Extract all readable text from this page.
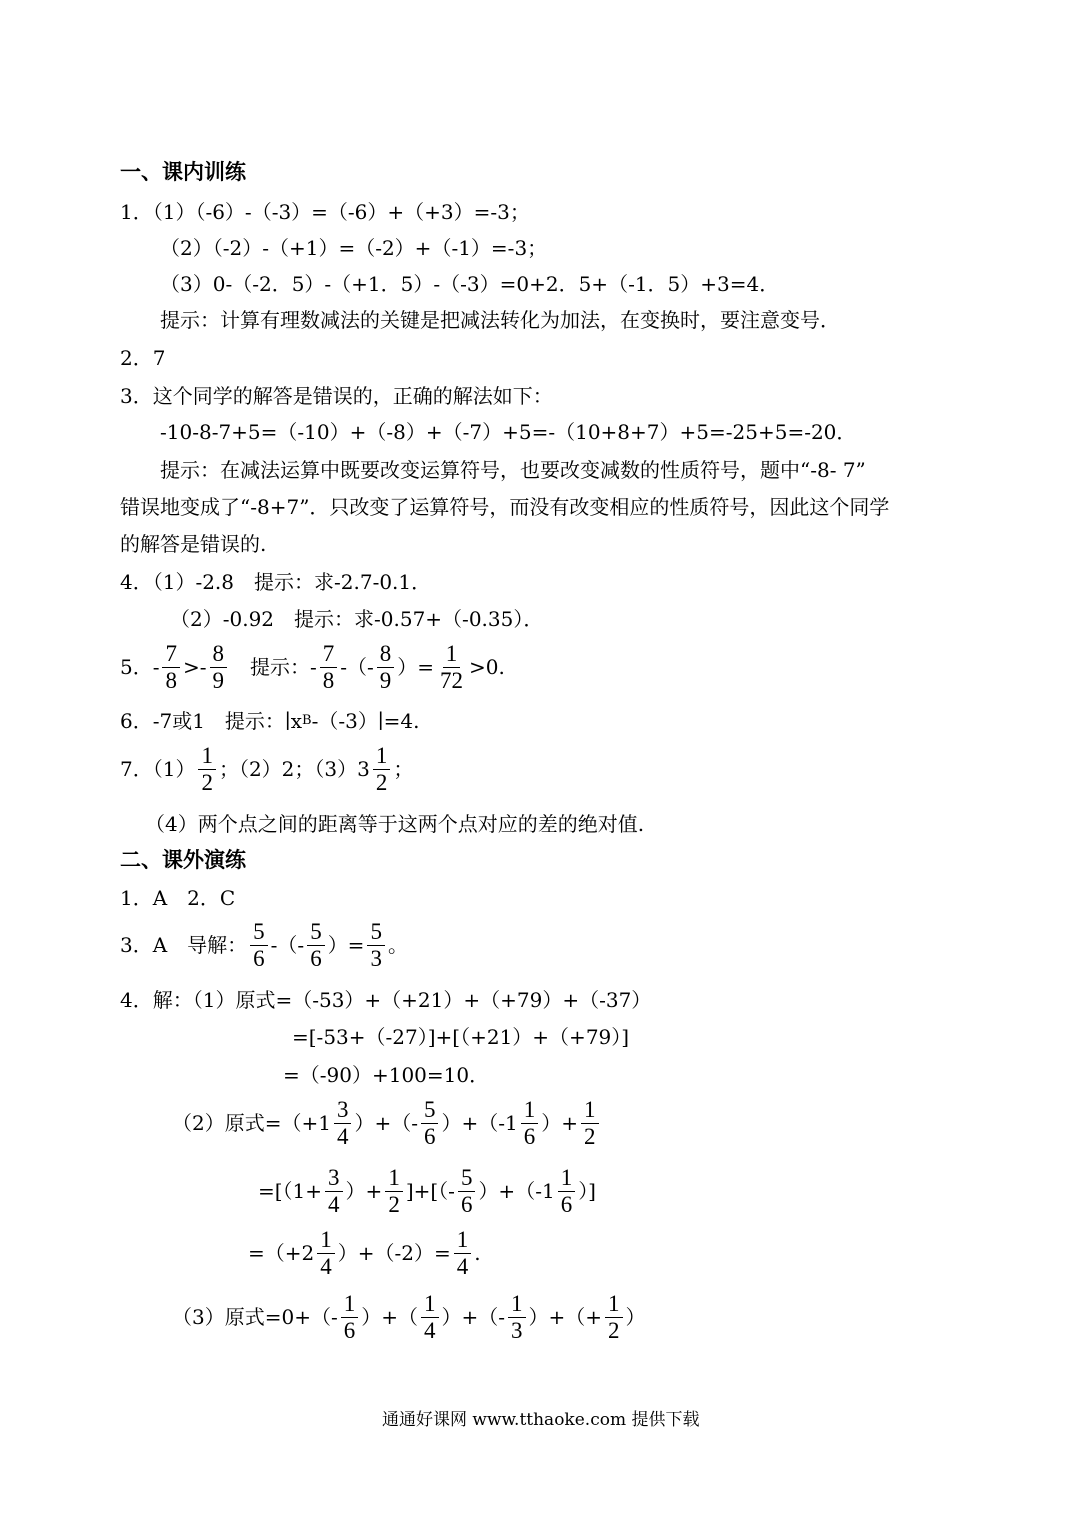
一、课内训练
1．（1）（-6）-（-3）=（-6）+（+3）=-3；
（2）（-2）-（+1）=（-2）+（-1）=-3；
（3）0-（-2．5）-（+1．5）-（-3）=0+2．5+（-1．5）+3=4．
提示：计算有理数减法的关键是把减法转化为加法，在变换时，要注意变号．
2．7
3．这个同学的解答是错误的，正确的解法如下：
-10-8-7+5=（-10）+（-8）+（-7）+5=-（10+8+7）+5=-25+5=-20．
提示：在减法运算中既要改变运算符号，也要改变减数的性质符号，题中“-8- 7”
错误地变成了“-8+7”．只改变了运算符号，而没有改变相应的性质符号，因此这个同学
的解答是错误的.
4．（1）-2.8　提示：求-2.7-0.1．
（2）-0.92　提示：求-0.57+（-0.35）．
5．- $\frac{7}{8} >- \frac{8}{9}$ 　提示：- $\frac{7}{8}$ -（- $\frac{8}{9}$ ）= $\frac{1}{72} >0$.
6．-7或1　提示：∣x B -（-3）∣=4.
7．$(1) \frac{1}{2}$ ；（2）2；$(3)3 \frac{1}{2}$ ；
（4）两个点之间的距离等于这两个点对应的差的绝对值.
二、课外演练
1．A　2．C
3．A　导解： $\frac{5}{6}$ -（- $\frac{5}{6}$ ）= $\frac{5}{3}$ 。
4．解：（1）原式=（-53）+（+21）+（+79）+（-37）
=[-53+（-27）]+[（+21）+（+79）]
=（-90）+100=10．
（2）原式$=(+1 \frac{3}{4}$ ）+（- $\frac{5}{6} )+(-1 \frac{1}{6}$ ）+ $\frac{1}{2}$
$=[(1+ \frac{3}{4}$ ）+ $\frac{1}{2}$ ]+[（- $\frac{5}{6} )+(-1 \frac{1}{6}$ ）]
$=(+2 \frac{1}{4} )+(-2)= \frac{1}{4}$ .
（3）原式$=0+(- \frac{1}{6}$ ）+（ $\frac{1}{4}$ ）+（- $\frac{1}{3}$ ）+（+ $\frac{1}{2}$ ）
通通好课网 www.tthaoke.com 提供下载
